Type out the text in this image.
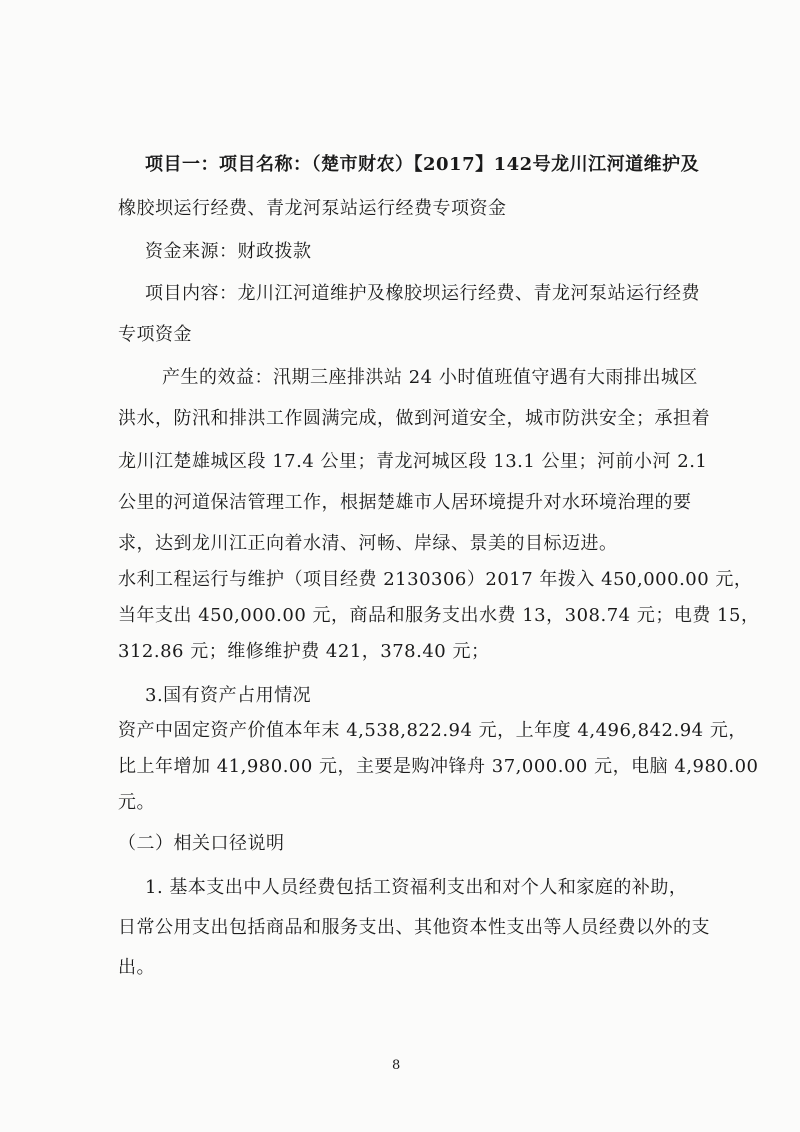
项目一：项目名称：（楚市财农）【2017】142号龙川江河道维护及
橡胶坝运行经费、青龙河泵站运行经费专项资金
资金来源：财政拨款
项目内容：龙川江河道维护及橡胶坝运行经费、青龙河泵站运行经费
专项资金
产生的效益：汛期三座排洪站 24 小时值班值守遇有大雨排出城区
洪水，防汛和排洪工作圆满完成，做到河道安全，城市防洪安全；承担着
龙川江楚雄城区段 17.4 公里；青龙河城区段 13.1 公里；河前小河 2.1
公里的河道保洁管理工作，根据楚雄市人居环境提升对水环境治理的要
求，达到龙川江正向着水清、河畅、岸绿、景美的目标迈进。
水利工程运行与维护（项目经费 2130306）2017 年拨入 450,000.00 元，
当年支出 450,000.00 元，商品和服务支出水费 13，308.74 元；电费 15，
312.86 元；维修维护费 421，378.40 元；
3.国有资产占用情况
资产中固定资产价值本年末 4,538,822.94 元，上年度 4,496,842.94 元，
比上年增加 41,980.00 元，主要是购冲锋舟 37,000.00 元，电脑 4,980.00
元。
（二）相关口径说明
1. 基本支出中人员经费包括工资福利支出和对个人和家庭的补助，
日常公用支出包括商品和服务支出、其他资本性支出等人员经费以外的支
出。
8
